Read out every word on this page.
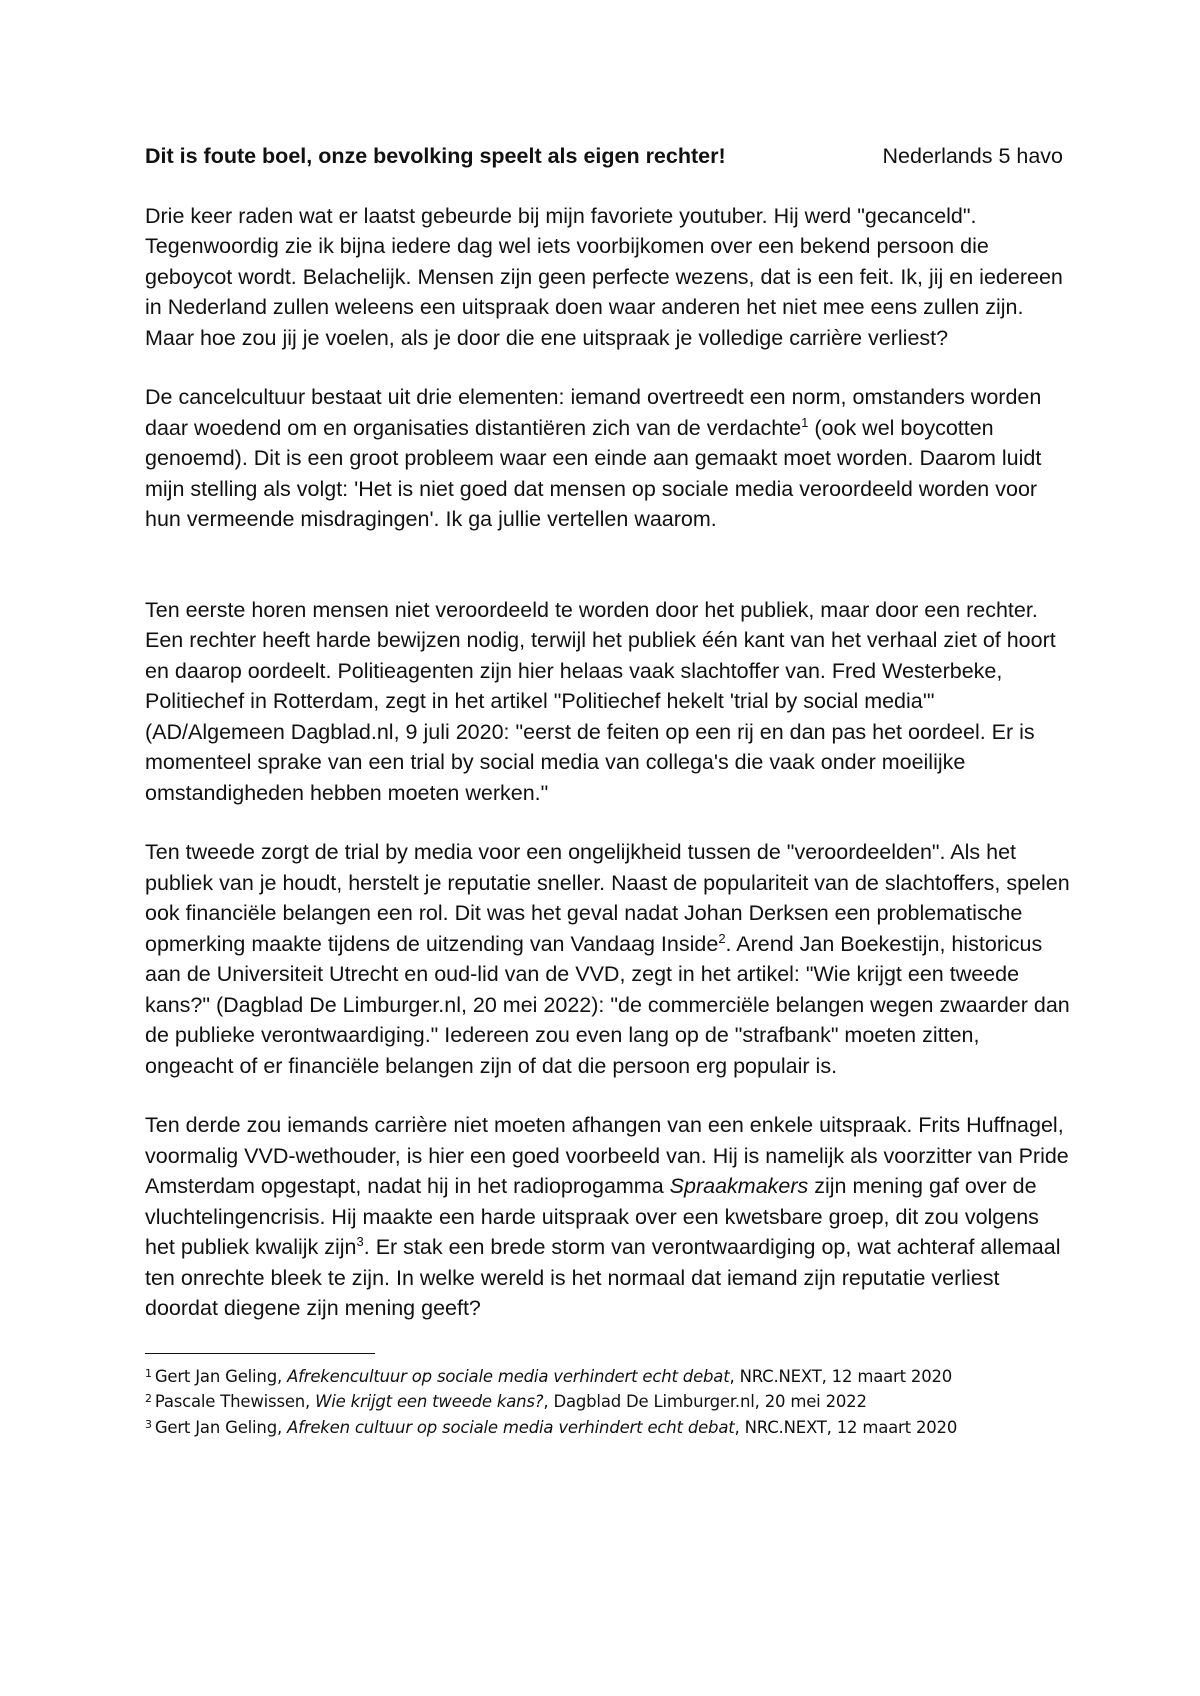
Dit is foute boel, onze bevolking speelt als eigen rechter!	Nederlands 5 havo

Drie keer raden wat er laatst gebeurde bij mijn favoriete youtuber. Hij werd "gecanceld". Tegenwoordig zie ik bijna iedere dag wel iets voorbijkomen over een bekend persoon die geboycot wordt. Belachelijk. Mensen zijn geen perfecte wezens, dat is een feit. Ik, jij en iedereen in Nederland zullen weleens een uitspraak doen waar anderen het niet mee eens zullen zijn. Maar hoe zou jij je voelen, als je door die ene uitspraak je volledige carrière verliest?

De cancelcultuur bestaat uit drie elementen: iemand overtreedt een norm, omstanders worden daar woedend om en organisaties distantiëren zich van de verdachte$^1$ (ook wel boycotten genoemd). Dit is een groot probleem waar een einde aan gemaakt moet worden. Daarom luidt mijn stelling als volgt: 'Het is niet goed dat mensen op sociale media veroordeeld worden voor hun vermeende misdragingen'. Ik ga jullie vertellen waarom.

Ten eerste horen mensen niet veroordeeld te worden door het publiek, maar door een rechter. Een rechter heeft harde bewijzen nodig, terwijl het publiek één kant van het verhaal ziet of hoort en daarop oordeelt. Politieagenten zijn hier helaas vaak slachtoffer van. Fred Westerbeke, Politiechef in Rotterdam, zegt in het artikel "Politiechef hekelt 'trial by social media'"(AD/Algemeen Dagblad.nl, 9 juli 2020: "eerst de feiten op een rij en dan pas het oordeel. Er is momenteel sprake van een trial by social media van collega's die vaak onder moeilijke omstandigheden hebben moeten werken."

Ten tweede zorgt de trial by media voor een ongelijkheid tussen de "veroordeelden". Als het publiek van je houdt, herstelt je reputatie sneller. Naast de populariteit van de slachtoffers, spelen ook financiële belangen een rol. Dit was het geval nadat Johan Derksen een problematische opmerking maakte tijdens de uitzending van Vandaag Inside$^2$. Arend Jan Boekestijn, historicus aan de Universiteit Utrecht en oud-lid van de VVD, zegt in het artikel: "Wie krijgt een tweede kans?" (Dagblad De Limburger.nl, 20 mei 2022): "de commerciële belangen wegen zwaarder dan de publieke verontwaardiging." Iedereen zou even lang op de "strafbank" moeten zitten, ongeacht of er financiële belangen zijn of dat die persoon erg populair is.

Ten derde zou iemands carrière niet moeten afhangen van een enkele uitspraak. Frits Huffnagel, voormalig VVD-wethouder, is hier een goed voorbeeld van. Hij is namelijk als voorzitter van Pride Amsterdam opgestapt, nadat hij in het radioprogamma Spraakmakers zijn mening gaf over de vluchtelingencrisis. Hij maakte een harde uitspraak over een kwetsbare groep, dit zou volgens het publiek kwalijk zijn$^3$. Er stak een brede storm van verontwaardiging op, wat achteraf allemaal ten onrechte bleek te zijn. In welke wereld is het normaal dat iemand zijn reputatie verliest doordat diegene zijn mening geeft?

$^1$ Gert Jan Geling, Afrekencultuur op sociale media verhindert echt debat, NRC.NEXT, 12 maart 2020
$^2$ Pascale Thewissen, Wie krijgt een tweede kans?, Dagblad De Limburger.nl, 20 mei 2022
$^3$ Gert Jan Geling, Afreken cultuur op sociale media verhindert echt debat, NRC.NEXT, 12 maart 2020
